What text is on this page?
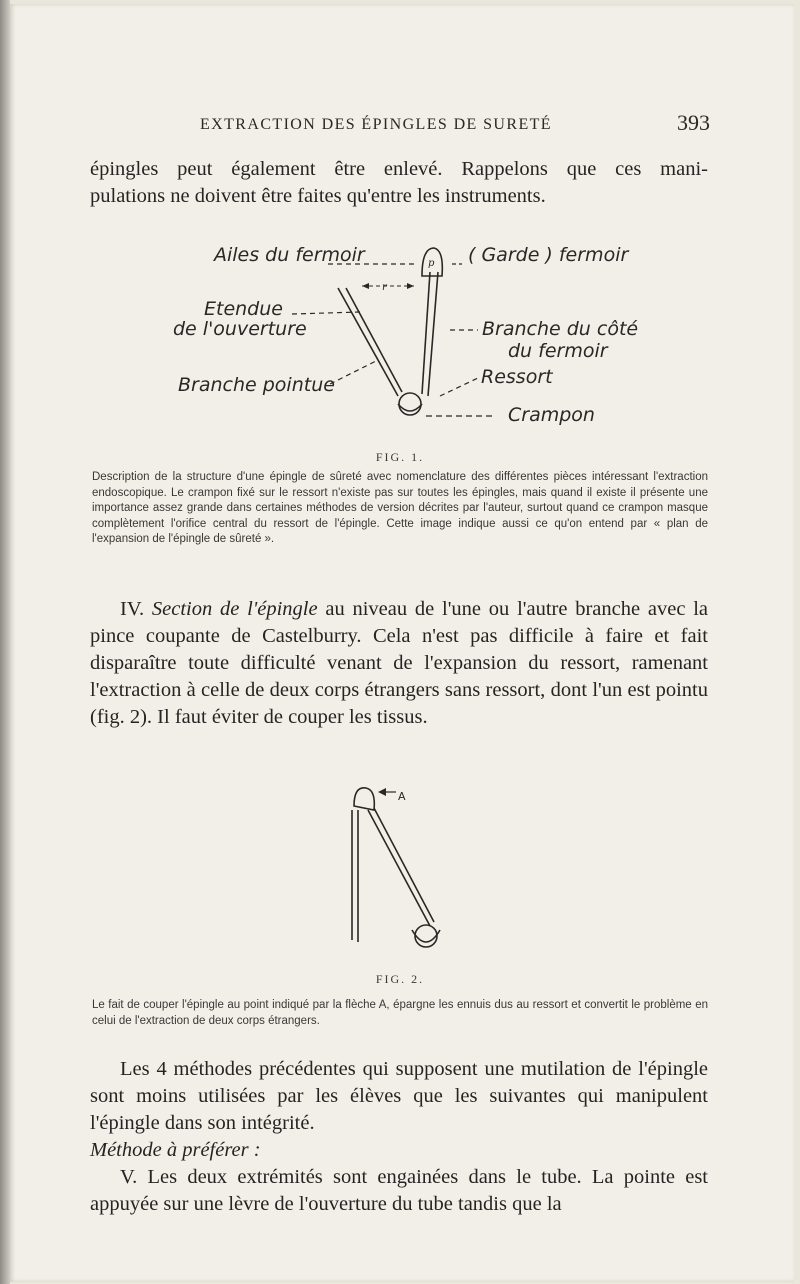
EXTRACTION DES ÉPINGLES DE SURETÉ	393

épingles peut également être enlevé. Rappelons que ces mani-

pulations ne doivent être faites qu'entre les instruments.

r
p
Ailes du fermoir	( Garde ) fermoir
Etendue
de l'ouverture	Branche du côté
du fermoir
Ressort
Branche pointue
Crampon
FIG. 1.
Description de la structure d'une épingle de sûreté avec nomenclature des différentes pièces intéressant l'extraction endoscopique. Le crampon fixé sur le ressort n'existe pas sur toutes les épingles, mais quand il existe il présente une importance assez grande dans certaines méthodes de version décrites par l'auteur, surtout quand ce crampon masque complètement l'orifice central du ressort de l'épingle. Cette image indique aussi ce qu'on entend par « plan de l'expansion de l'épingle de sûreté ».

IV. Section de l'épingle au niveau de l'une ou l'autre branche avec la pince coupante de Castelburry. Cela n'est pas difficile à faire et fait disparaître toute difficulté venant de l'expansion du ressort, ramenant l'extraction à celle de deux corps étrangers sans ressort, dont l'un est pointu (fig. 2). Il faut éviter de couper les tissus.

A
FIG. 2.
Le fait de couper l'épingle au point indiqué par la flèche A, épargne les ennuis dus au ressort et convertit le problème en celui de l'extraction de deux corps étrangers.

Les 4 méthodes précédentes qui supposent une mutilation de l'épingle sont moins utilisées par les élèves que les suivantes qui manipulent l'épingle dans son intégrité.

Méthode à préférer :

V. Les deux extrémités sont engainées dans le tube. La pointe est appuyée sur une lèvre de l'ouverture du tube tandis que la
